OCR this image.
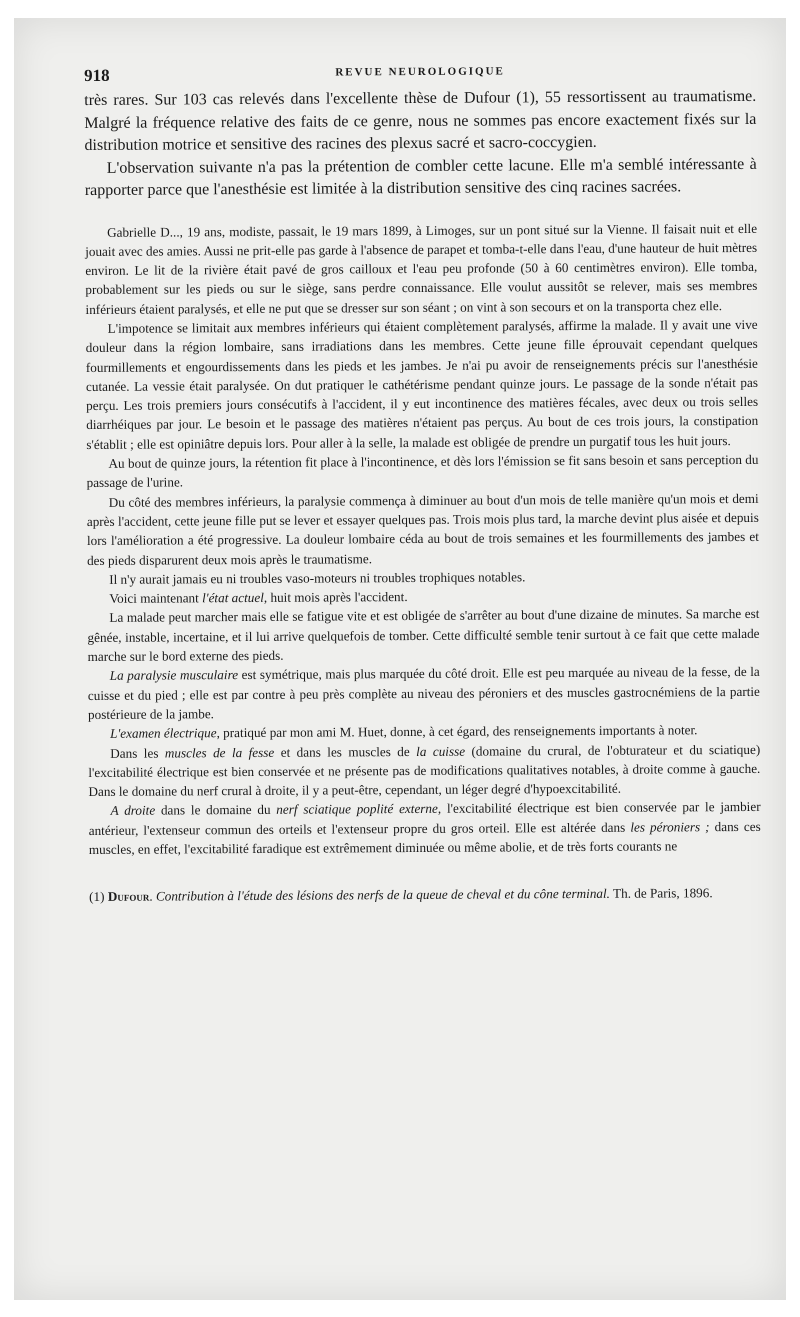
918	REVUE NEUROLOGIQUE

très rares. Sur 103 cas relevés dans l'excellente thèse de Dufour (1), 55 ressortissent au traumatisme. Malgré la fréquence relative des faits de ce genre, nous ne sommes pas encore exactement fixés sur la distribution motrice et sensitive des racines des plexus sacré et sacro-coccygien.

L'observation suivante n'a pas la prétention de combler cette lacune. Elle m'a semblé intéressante à rapporter parce que l'anesthésie est limitée à la distribution sensitive des cinq racines sacrées.

Gabrielle D..., 19 ans, modiste, passait, le 19 mars 1899, à Limoges, sur un pont situé sur la Vienne. Il faisait nuit et elle jouait avec des amies. Aussi ne prit-elle pas garde à l'absence de parapet et tomba-t-elle dans l'eau, d'une hauteur de huit mètres environ. Le lit de la rivière était pavé de gros cailloux et l'eau peu profonde (50 à 60 centimètres environ). Elle tomba, probablement sur les pieds ou sur le siège, sans perdre connaissance. Elle voulut aussitôt se relever, mais ses membres inférieurs étaient paralysés, et elle ne put que se dresser sur son séant ; on vint à son secours et on la transporta chez elle.

L'impotence se limitait aux membres inférieurs qui étaient complètement paralysés, affirme la malade. Il y avait une vive douleur dans la région lombaire, sans irradiations dans les membres. Cette jeune fille éprouvait cependant quelques fourmillements et engourdissements dans les pieds et les jambes. Je n'ai pu avoir de renseignements précis sur l'anesthésie cutanée. La vessie était paralysée. On dut pratiquer le cathétérisme pendant quinze jours. Le passage de la sonde n'était pas perçu. Les trois premiers jours consécutifs à l'accident, il y eut incontinence des matières fécales, avec deux ou trois selles diarrhéiques par jour. Le besoin et le passage des matières n'étaient pas perçus. Au bout de ces trois jours, la constipation s'établit ; elle est opiniâtre depuis lors. Pour aller à la selle, la malade est obligée de prendre un purgatif tous les huit jours.

Au bout de quinze jours, la rétention fit place à l'incontinence, et dès lors l'émission se fit sans besoin et sans perception du passage de l'urine.

Du côté des membres inférieurs, la paralysie commença à diminuer au bout d'un mois de telle manière qu'un mois et demi après l'accident, cette jeune fille put se lever et essayer quelques pas. Trois mois plus tard, la marche devint plus aisée et depuis lors l'amélioration a été progressive. La douleur lombaire céda au bout de trois semaines et les fourmillements des jambes et des pieds disparurent deux mois après le traumatisme.

Il n'y aurait jamais eu ni troubles vaso-moteurs ni troubles trophiques notables.

Voici maintenant l'état actuel, huit mois après l'accident.

La malade peut marcher mais elle se fatigue vite et est obligée de s'arrêter au bout d'une dizaine de minutes. Sa marche est gênée, instable, incertaine, et il lui arrive quelquefois de tomber. Cette difficulté semble tenir surtout à ce fait que cette malade marche sur le bord externe des pieds.

La paralysie musculaire est symétrique, mais plus marquée du côté droit. Elle est peu marquée au niveau de la fesse, de la cuisse et du pied ; elle est par contre à peu près complète au niveau des péroniers et des muscles gastrocnémiens de la partie postérieure de la jambe.

L'examen électrique, pratiqué par mon ami M. Huet, donne, à cet égard, des renseignements importants à noter.

Dans les muscles de la fesse et dans les muscles de la cuisse (domaine du crural, de l'obturateur et du sciatique) l'excitabilité électrique est bien conservée et ne présente pas de modifications qualitatives notables, à droite comme à gauche. Dans le domaine du nerf crural à droite, il y a peut-être, cependant, un léger degré d'hypoexcitabilité.

A droite dans le domaine du nerf sciatique poplité externe, l'excitabilité électrique est bien conservée par le jambier antérieur, l'extenseur commun des orteils et l'extenseur propre du gros orteil. Elle est altérée dans les péroniers ; dans ces muscles, en effet, l'excitabilité faradique est extrêmement diminuée ou même abolie, et de très forts courants ne

(1) Dufour. Contribution à l'étude des lésions des nerfs de la queue de cheval et du cône terminal. Th. de Paris, 1896.
